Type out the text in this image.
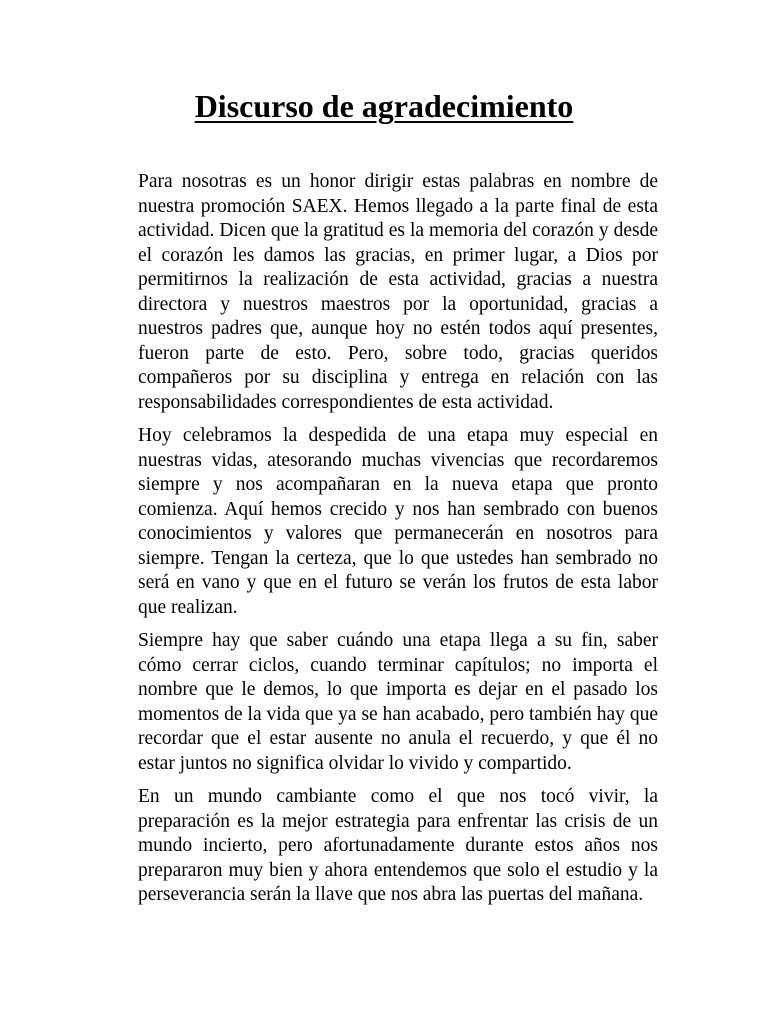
Discurso de agradecimiento

Para nosotras es un honor dirigir estas palabras en nombre de nuestra promoción SAEX. Hemos llegado a la parte final de esta actividad. Dicen que la gratitud es la memoria del corazón y desde el corazón les damos las gracias, en primer lugar, a Dios por permitirnos la realización de esta actividad, gracias a nuestra directora y nuestros maestros por la oportunidad, gracias a nuestros padres que, aunque hoy no estén todos aquí presentes, fueron parte de esto. Pero, sobre todo, gracias queridos compañeros por su disciplina y entrega en relación con las responsabilidades correspondientes de esta actividad.

Hoy celebramos la despedida de una etapa muy especial en nuestras vidas, atesorando muchas vivencias que recordaremos siempre y nos acompañaran en la nueva etapa que pronto comienza. Aquí hemos crecido y nos han sembrado con buenos conocimientos y valores que permanecerán en nosotros para siempre. Tengan la certeza, que lo que ustedes han sembrado no será en vano y que en el futuro se verán los frutos de esta labor que realizan.

Siempre hay que saber cuándo una etapa llega a su fin, saber cómo cerrar ciclos, cuando terminar capítulos; no importa el nombre que le demos, lo que importa es dejar en el pasado los momentos de la vida que ya se han acabado, pero también hay que recordar que el estar ausente no anula el recuerdo, y que él no estar juntos no significa olvidar lo vivido y compartido.

En un mundo cambiante como el que nos tocó vivir, la preparación es la mejor estrategia para enfrentar las crisis de un mundo incierto, pero afortunadamente durante estos años nos prepararon muy bien y ahora entendemos que solo el estudio y la perseverancia serán la llave que nos abra las puertas del mañana.
